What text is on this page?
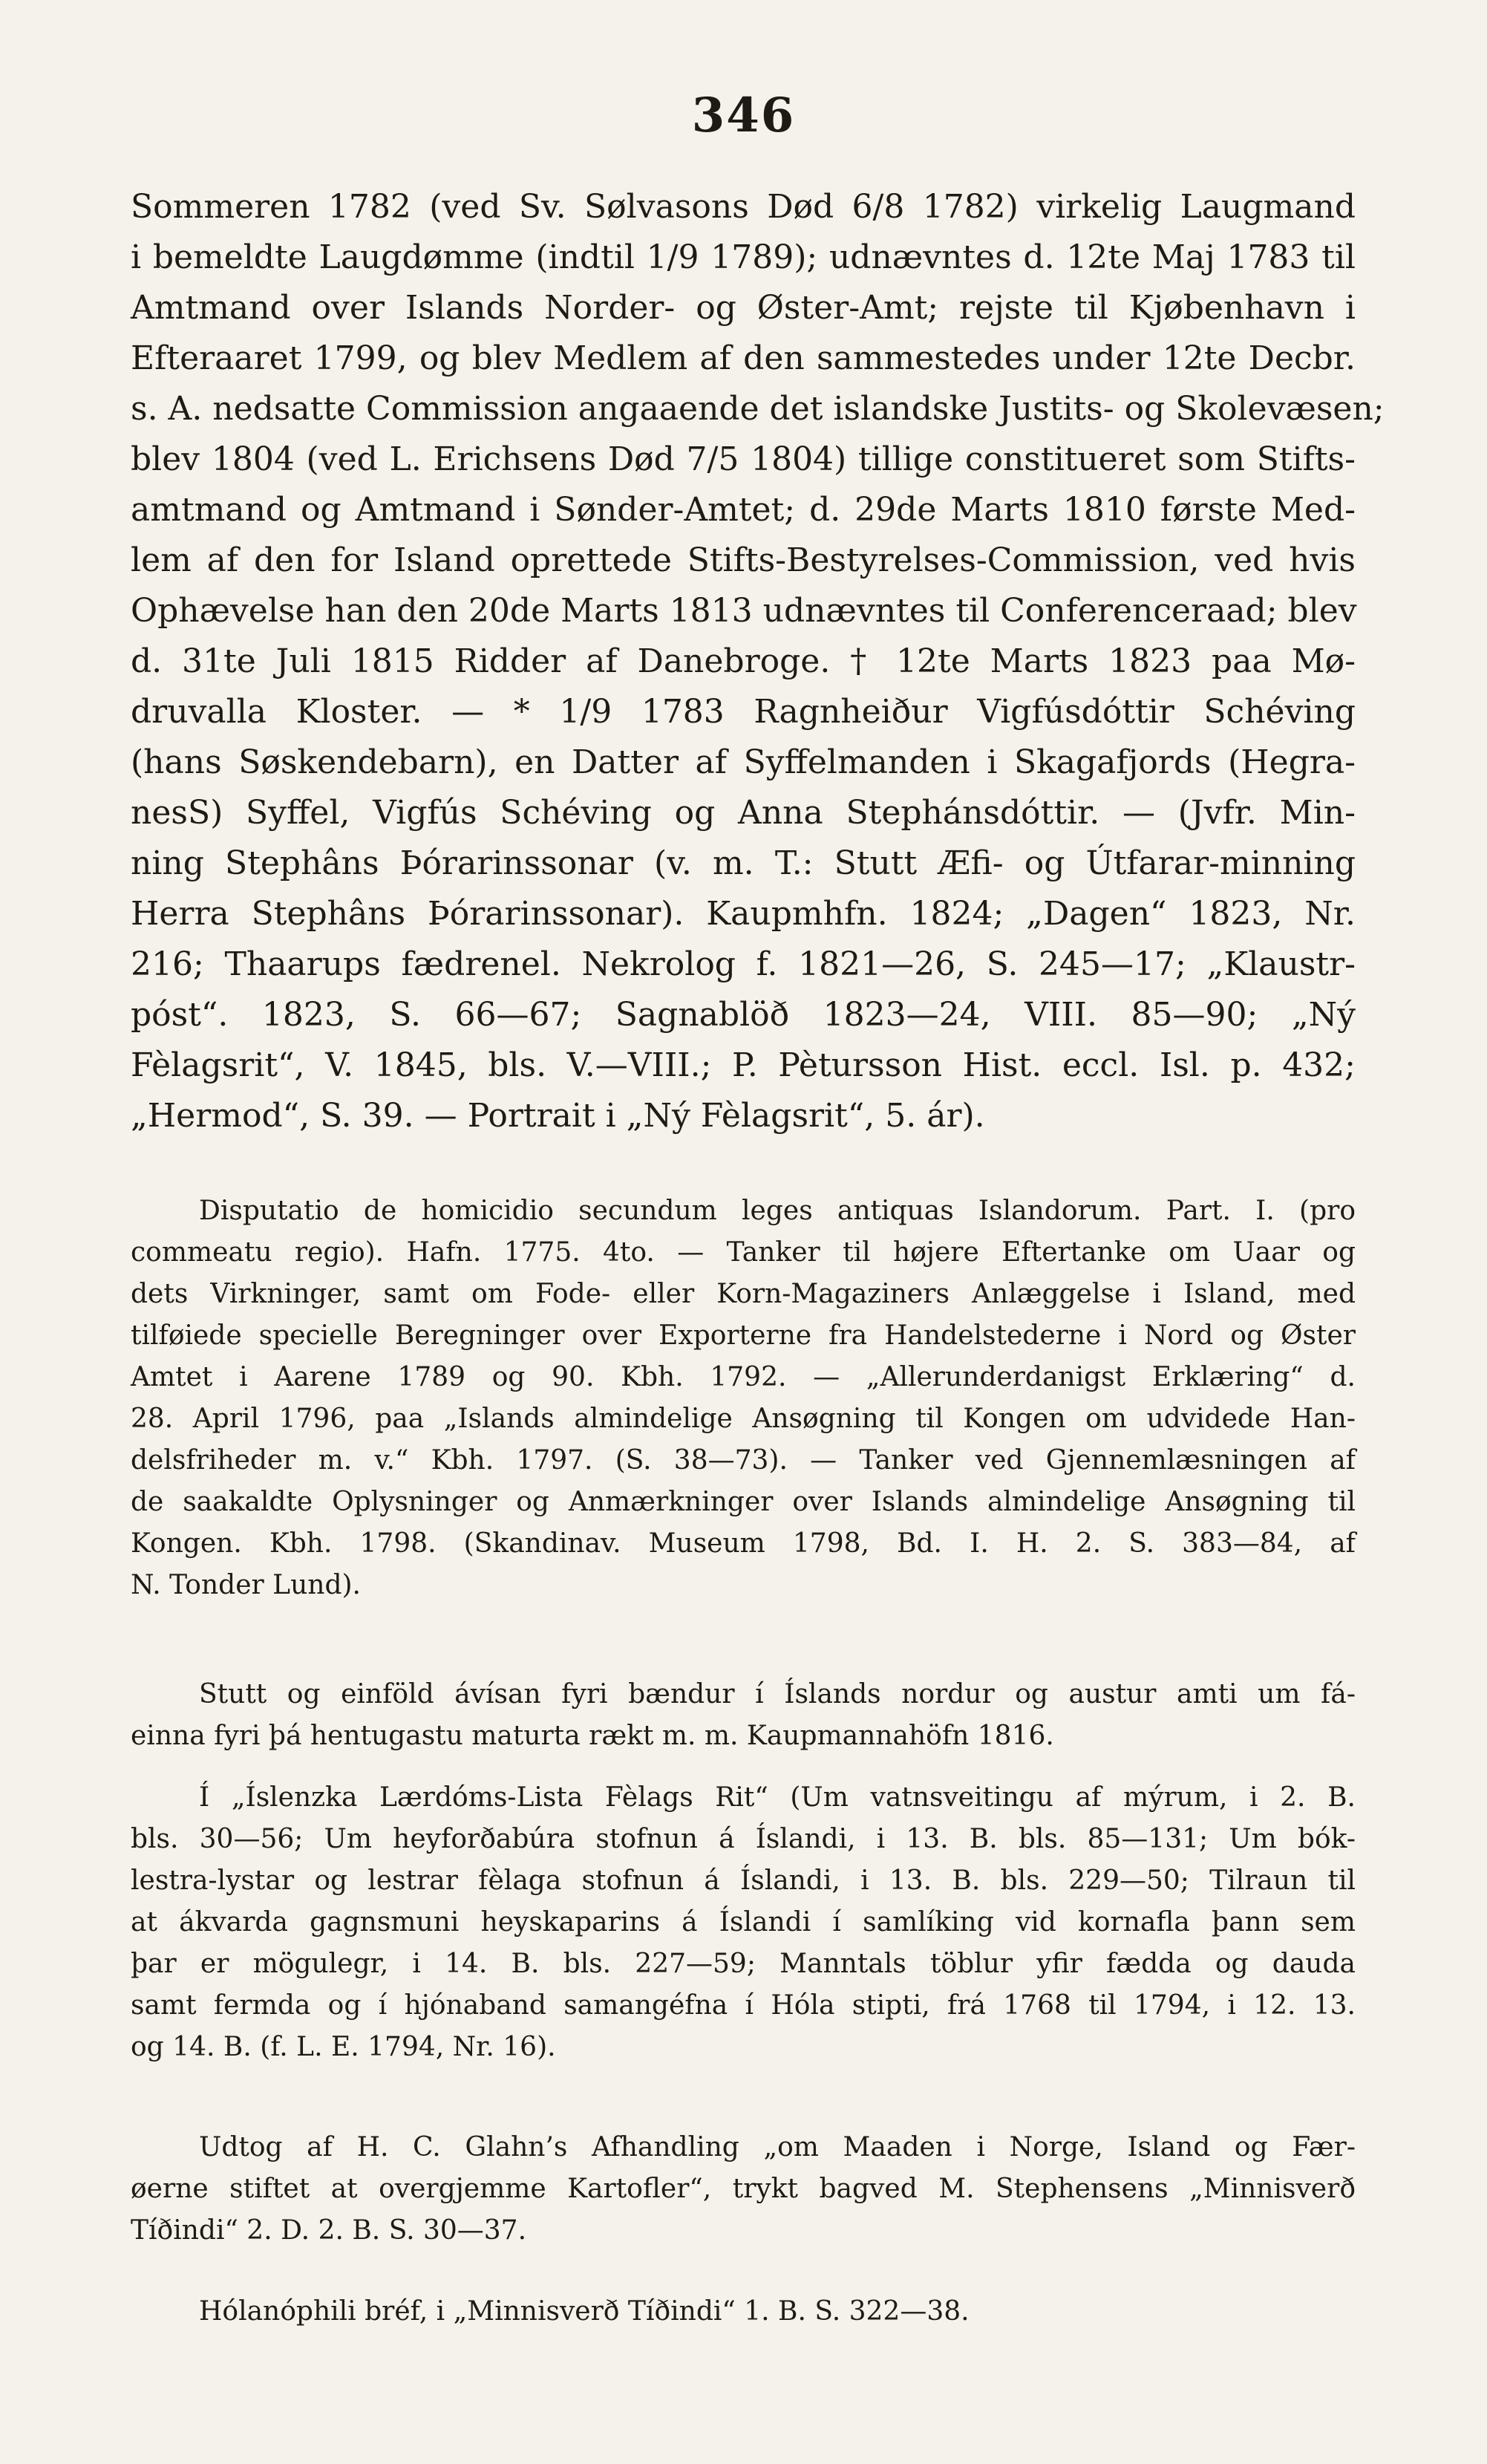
346
Sommeren 1782 (ved Sv. Sølvasons Død 6/8 1782) virkelig Laugmand
i bemeldte Laugdømme (indtil 1/9 1789); udnævntes d. 12te Maj 1783 til
Amtmand over Islands Norder- og Øster-Amt; rejste til Kjøbenhavn i
Efteraaret 1799, og blev Medlem af den sammestedes under 12te Decbr.
s. A. nedsatte Commission angaaende det islandske Justits- og Skolevæsen;
blev 1804 (ved L. Erichsens Død 7/5 1804) tillige constitueret som Stifts-
amtmand og Amtmand i Sønder-Amtet; d. 29de Marts 1810 første Med-
lem af den for Island oprettede Stifts-Bestyrelses-Commission, ved hvis
Ophævelse han den 20de Marts 1813 udnævntes til Conferenceraad; blev
d. 31te Juli 1815 Ridder af Danebroge. † 12te Marts 1823 paa Mø-
druvalla Kloster. — * 1/9 1783 Ragnheiður Vigfúsdóttir Schéving
(hans Søskendebarn), en Datter af Syffelmanden i Skagafjords (Hegra-
nesS) Syffel, Vigfús Schéving og Anna Stephánsdóttir. — (Jvfr. Min-
ning Stephâns Þórarinssonar (v. m. T.: Stutt Æfi- og Útfarar-minning
Herra Stephâns Þórarinssonar). Kaupmhfn. 1824; „Dagen“ 1823, Nr.
216; Thaarups fædrenel. Nekrolog f. 1821—26, S. 245—17; „Klaustr-
póst“. 1823, S. 66—67; Sagnablöð 1823—24, VIII. 85—90; „Ný
Fèlagsrit“, V. 1845, bls. V.—VIII.; P. Pètursson Hist. eccl. Isl. p. 432;
„Hermod“, S. 39. — Portrait i „Ný Fèlagsrit“, 5. ár).
Disputatio de homicidio secundum leges antiquas Islandorum. Part. I. (pro
commeatu regio). Hafn. 1775. 4to. — Tanker til højere Eftertanke om Uaar og
dets Virkninger, samt om Fode- eller Korn-Magaziners Anlæggelse i Island, med
tilføiede specielle Beregninger over Exporterne fra Handelstederne i Nord og Øster
Amtet i Aarene 1789 og 90. Kbh. 1792. — „Allerunderdanigst Erklæring“ d.
28. April 1796, paa „Islands almindelige Ansøgning til Kongen om udvidede Han-
delsfriheder m. v.“ Kbh. 1797. (S. 38—73). — Tanker ved Gjennemlæsningen af
de saakaldte Oplysninger og Anmærkninger over Islands almindelige Ansøgning til
Kongen. Kbh. 1798. (Skandinav. Museum 1798, Bd. I. H. 2. S. 383—84, af
N. Tonder Lund).
Stutt og einföld ávísan fyri bændur í Íslands nordur og austur amti um fá-
einna fyri þá hentugastu maturta rækt m. m. Kaupmannahöfn 1816.
Í „Íslenzka Lærdóms-Lista Fèlags Rit“ (Um vatnsveitingu af mýrum, i 2. B.
bls. 30—56; Um heyforðabúra stofnun á Íslandi, i 13. B. bls. 85—131; Um bók-
lestra-lystar og lestrar fèlaga stofnun á Íslandi, i 13. B. bls. 229—50; Tilraun til
at ákvarda gagnsmuni heyskaparins á Íslandi í samlíking vid kornafla þann sem
þar er mögulegr, i 14. B. bls. 227—59; Manntals töblur yfir fædda og dauda
samt fermda og í hjónaband samangéfna í Hóla stipti, frá 1768 til 1794, i 12. 13.
og 14. B. (f. L. E. 1794, Nr. 16).
Udtog af H. C. Glahn’s Afhandling „om Maaden i Norge, Island og Fær-
øerne stiftet at overgjemme Kartofler“, trykt bagved M. Stephensens „Minnisverð
Tíðindi“ 2. D. 2. B. S. 30—37.
Hólanóphili bréf, i „Minnisverð Tíðindi“ 1. B. S. 322—38.
